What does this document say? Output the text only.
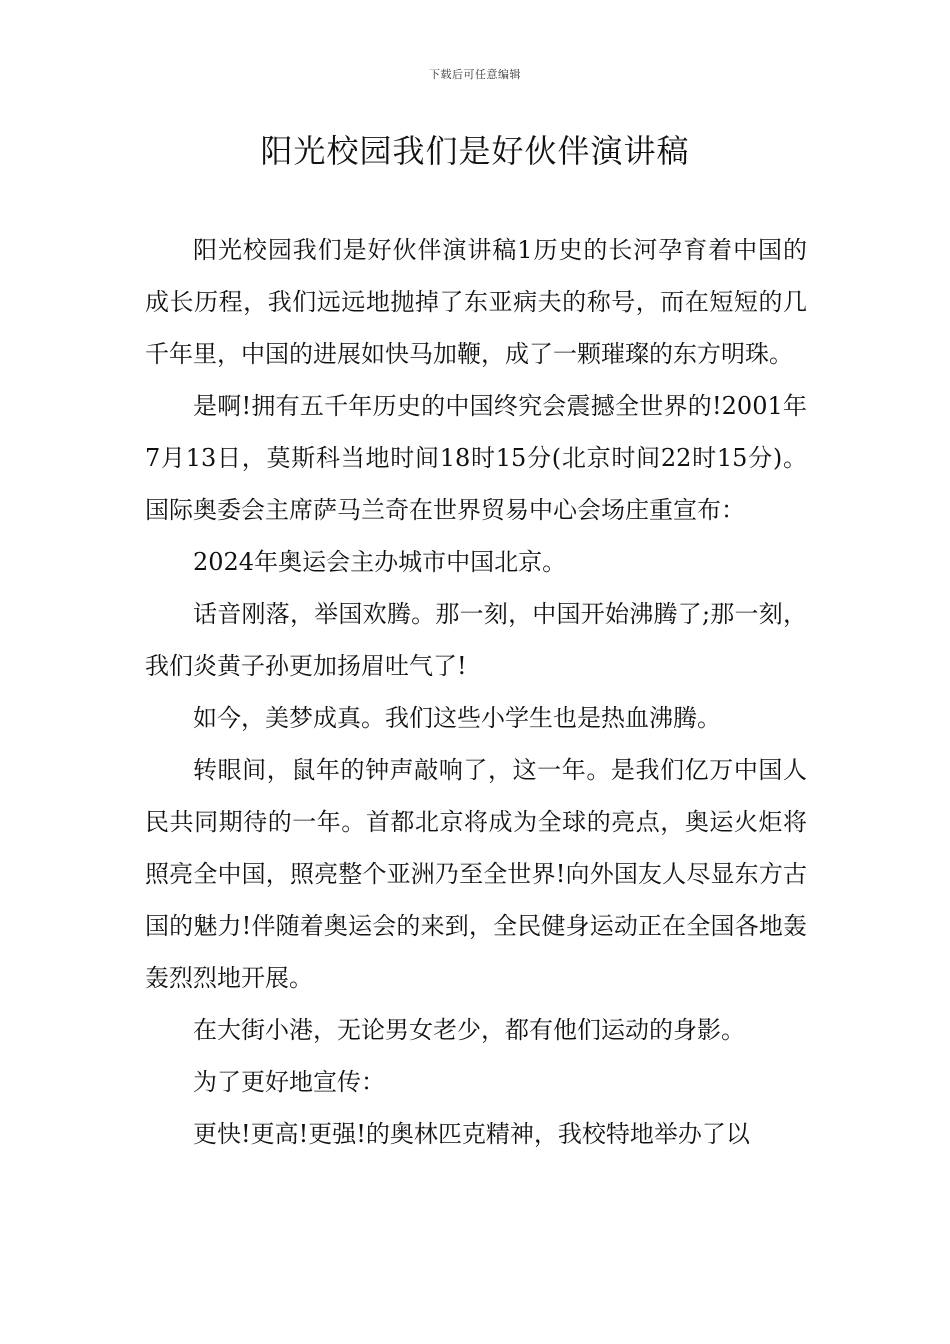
下载后可任意编辑
阳光校园我们是好伙伴演讲稿

阳光校园我们是好伙伴演讲稿1历史的长河孕育着中国的成长历程，我们远远地抛掉了东亚病夫的称号，而在短短的几千年里，中国的进展如快马加鞭，成了一颗璀璨的东方明珠。

是啊!拥有五千年历史的中国终究会震撼全世界的!2001年7月13日，莫斯科当地时间18时15分(北京时间22时15分)。国际奥委会主席萨马兰奇在世界贸易中心会场庄重宣布：

2024年奥运会主办城市中国北京。

话音刚落，举国欢腾。那一刻，中国开始沸腾了;那一刻，我们炎黄子孙更加扬眉吐气了!

如今，美梦成真。我们这些小学生也是热血沸腾。

转眼间，鼠年的钟声敲响了，这一年。是我们亿万中国人民共同期待的一年。首都北京将成为全球的亮点，奥运火炬将照亮全中国，照亮整个亚洲乃至全世界!向外国友人尽显东方古国的魅力!伴随着奥运会的来到，全民健身运动正在全国各地轰轰烈烈地开展。

在大街小港，无论男女老少，都有他们运动的身影。

为了更好地宣传：

更快!更高!更强!的奥林匹克精神，我校特地举办了以
